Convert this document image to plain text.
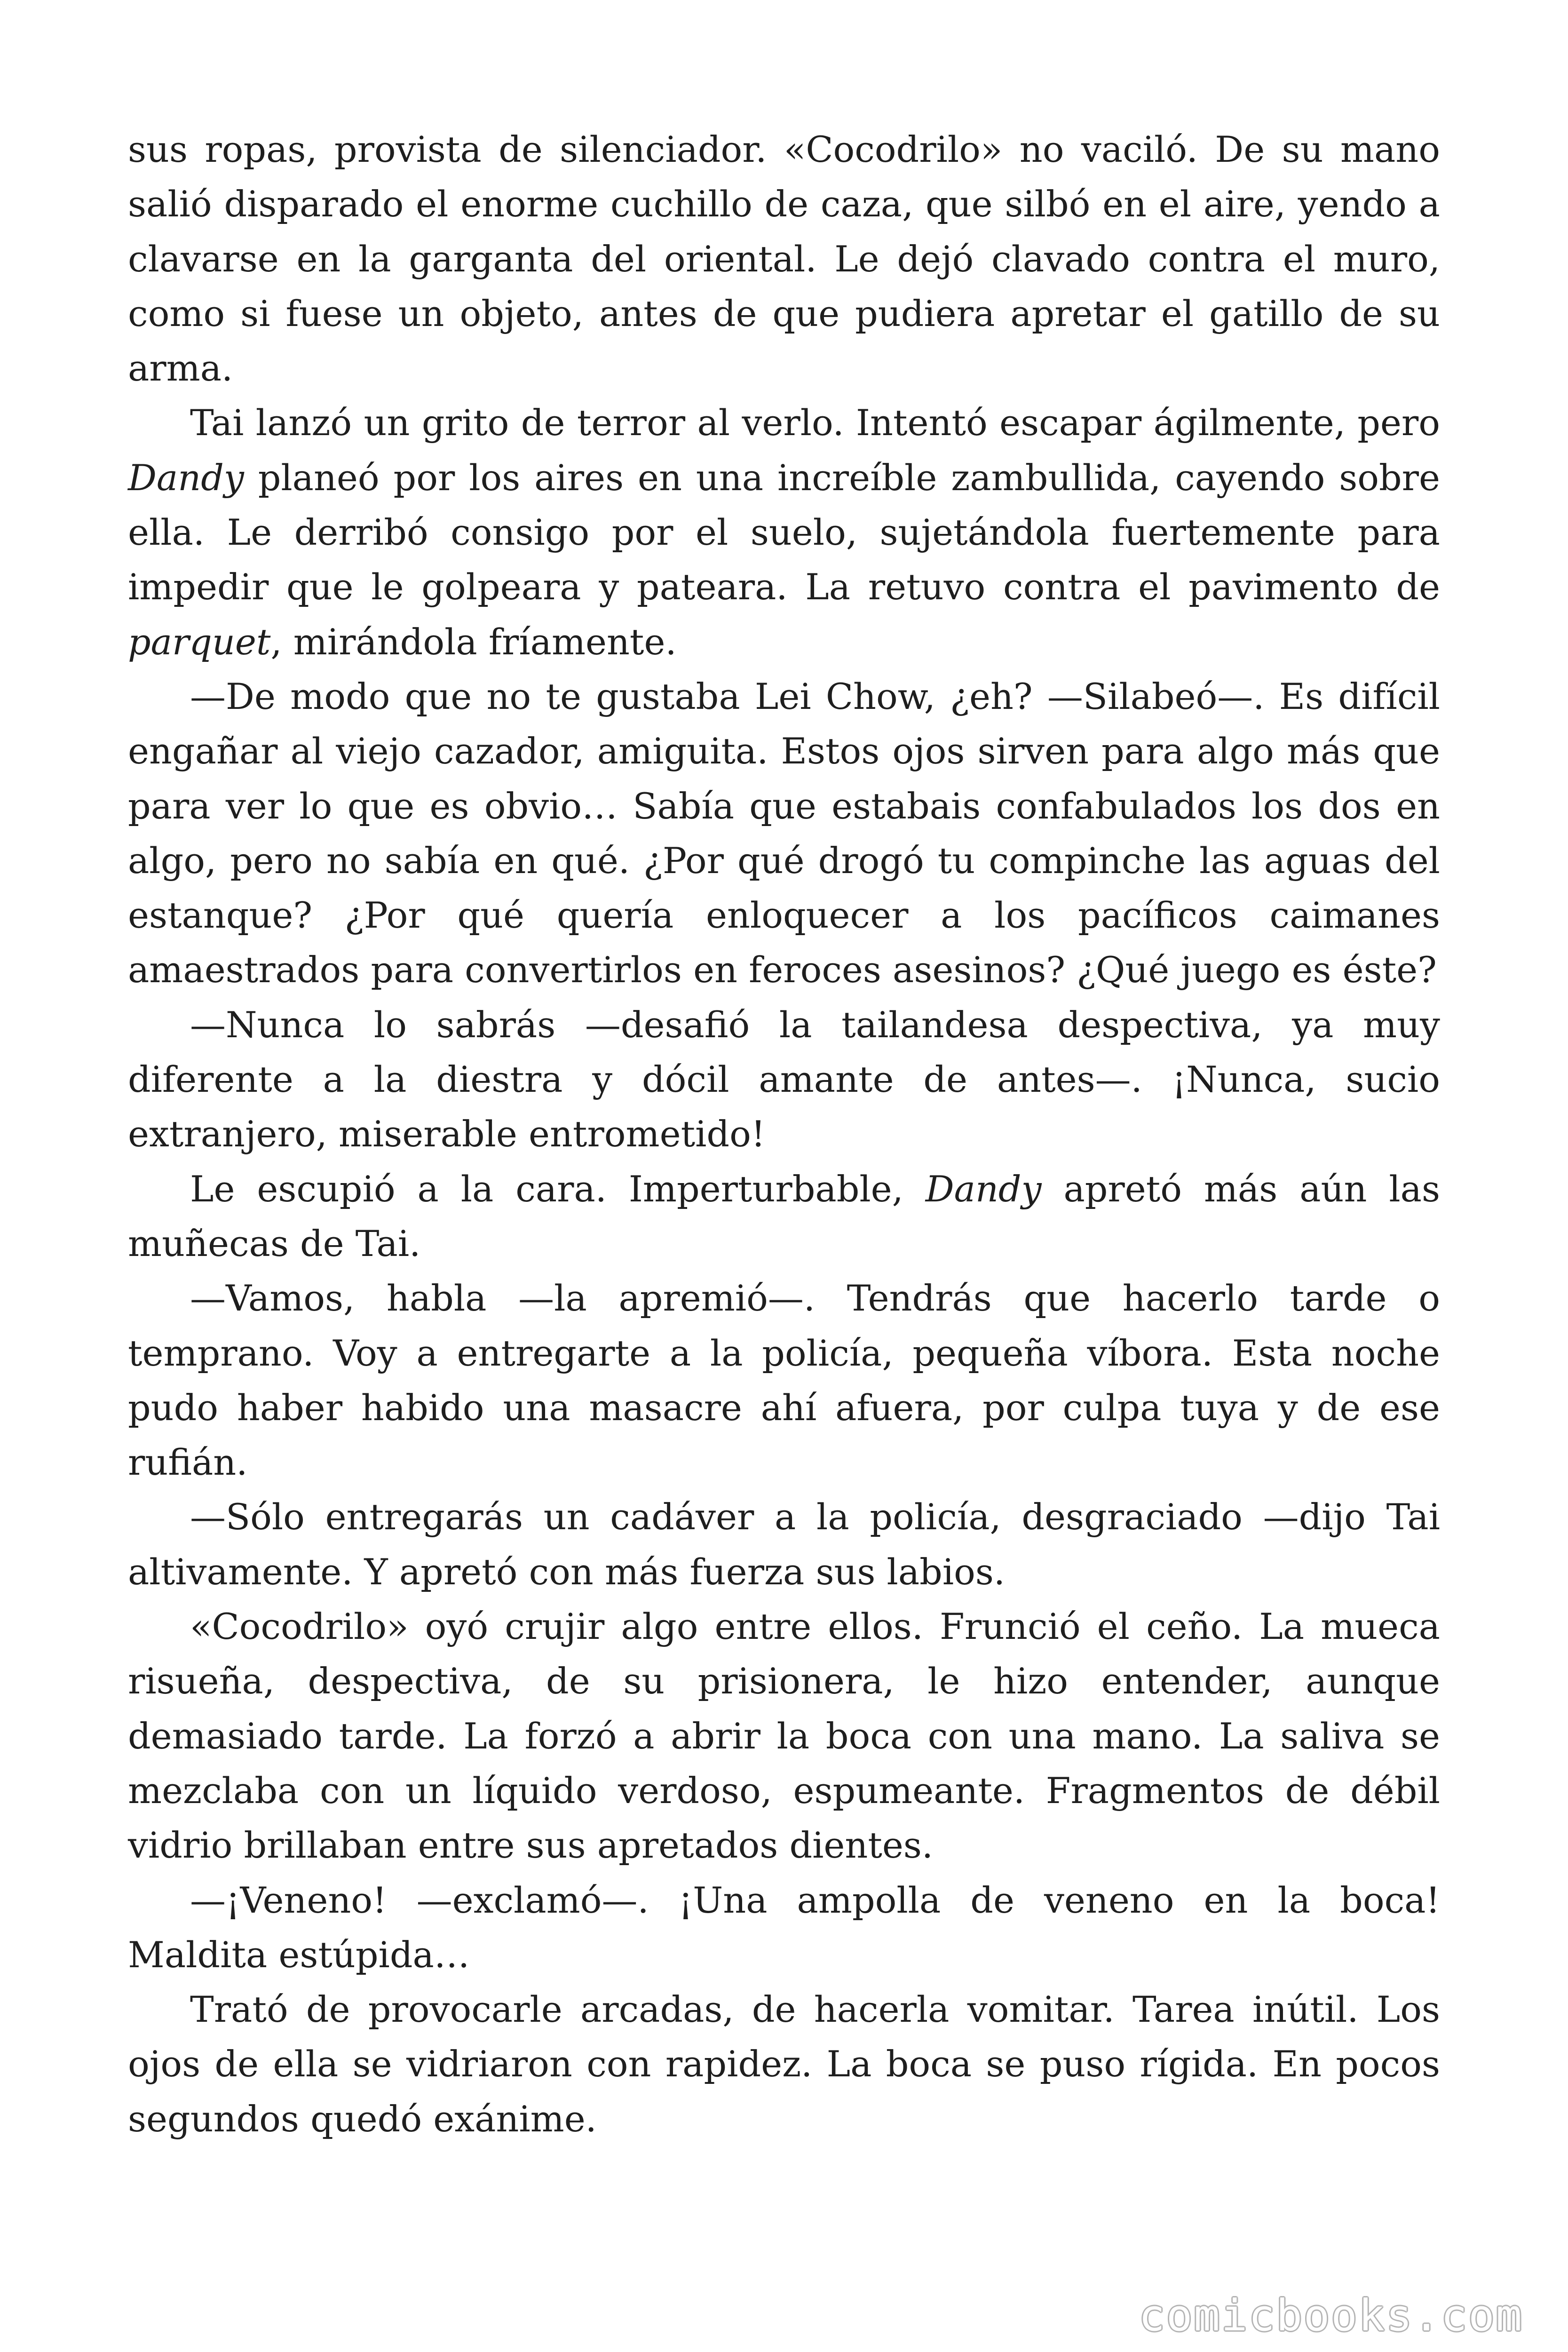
sus ropas, provista de silenciador. «Cocodrilo» no vaciló. De su mano salió disparado el enorme cuchillo de caza, que silbó en el aire, yendo a clavarse en la garganta del oriental. Le dejó clavado contra el muro, como si fuese un objeto, antes de que pudiera apretar el gatillo de su arma.

Tai lanzó un grito de terror al verlo. Intentó escapar ágilmente, pero Dandy planeó por los aires en una increíble zambullida, cayendo sobre ella. Le derribó consigo por el suelo, sujetándola fuertemente para impedir que le golpeara y pateara. La retuvo contra el pavimento de parquet, mirándola fríamente.

—De modo que no te gustaba Lei Chow, ¿eh? —Silabeó—. Es difícil engañar al viejo cazador, amiguita. Estos ojos sirven para algo más que para ver lo que es obvio… Sabía que estabais confabulados los dos en algo, pero no sabía en qué. ¿Por qué drogó tu compinche las aguas del estanque? ¿Por qué quería enloquecer a los pacíficos caimanes amaestrados para convertirlos en feroces asesinos? ¿Qué juego es éste?

—Nunca lo sabrás —desafió la tailandesa despectiva, ya muy diferente a la diestra y dócil amante de antes—. ¡Nunca, sucio extranjero, miserable entrometido!

Le escupió a la cara. Imperturbable, Dandy apretó más aún las muñecas de Tai.

—Vamos, habla —la apremió—. Tendrás que hacerlo tarde o temprano. Voy a entregarte a la policía, pequeña víbora. Esta noche pudo haber habido una masacre ahí afuera, por culpa tuya y de ese rufián.

—Sólo entregarás un cadáver a la policía, desgraciado —dijo Tai altivamente. Y apretó con más fuerza sus labios.

«Cocodrilo» oyó crujir algo entre ellos. Frunció el ceño. La mueca risueña, despectiva, de su prisionera, le hizo entender, aunque demasiado tarde. La forzó a abrir la boca con una mano. La saliva se mezclaba con un líquido verdoso, espumeante. Fragmentos de débil vidrio brillaban entre sus apretados dientes.

—¡Veneno! —exclamó—. ¡Una ampolla de veneno en la boca! Maldita estúpida…

Trató de provocarle arcadas, de hacerla vomitar. Tarea inútil. Los ojos de ella se vidriaron con rapidez. La boca se puso rígida. En pocos segundos quedó exánime.

comicbooks.com
